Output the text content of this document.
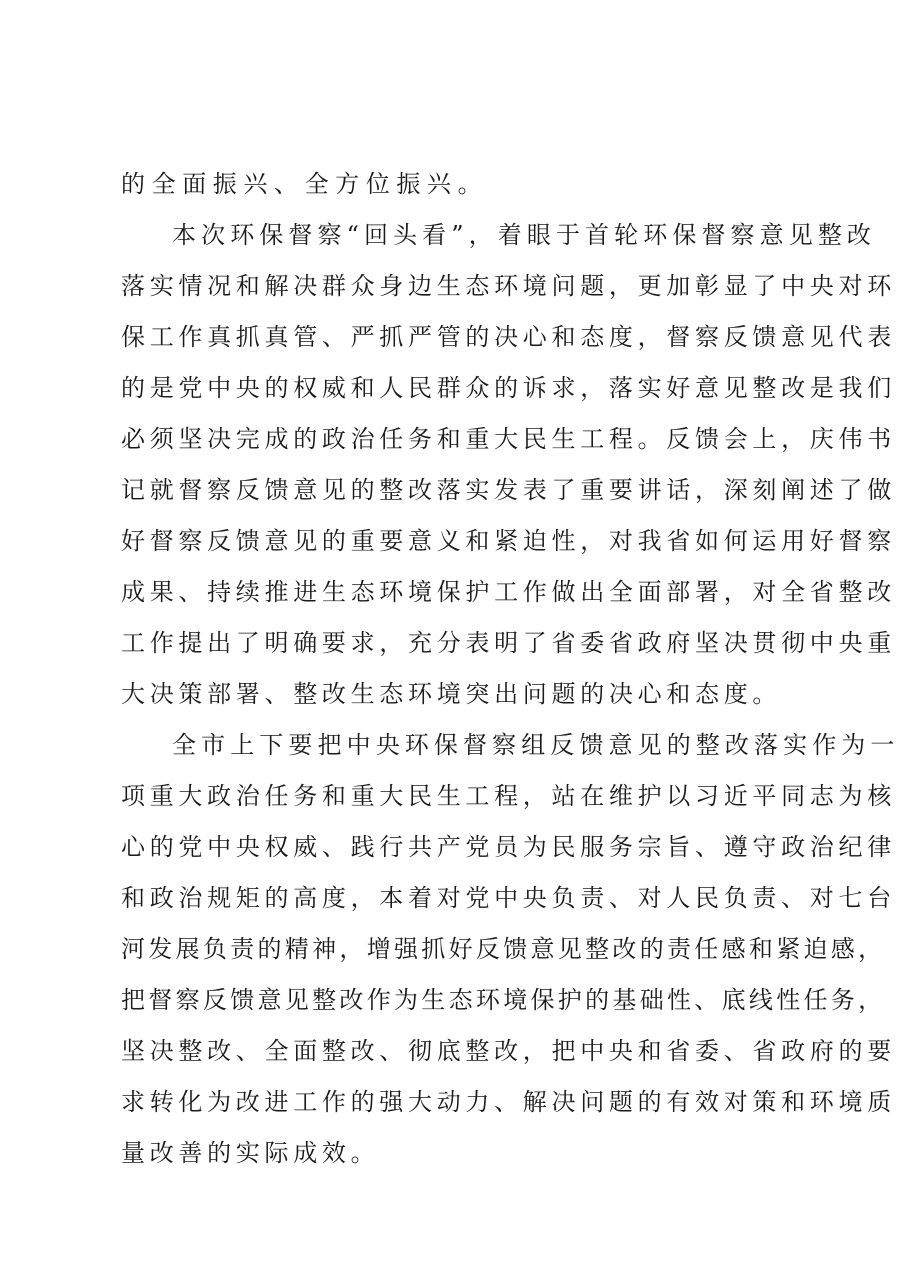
的全面振兴、全方位振兴。
本次环保督察“回头看”，着眼于首轮环保督察意见整改
落实情况和解决群众身边生态环境问题，更加彰显了中央对环
保工作真抓真管、严抓严管的决心和态度，督察反馈意见代表
的是党中央的权威和人民群众的诉求，落实好意见整改是我们
必须坚决完成的政治任务和重大民生工程。反馈会上，庆伟书
记就督察反馈意见的整改落实发表了重要讲话，深刻阐述了做
好督察反馈意见的重要意义和紧迫性，对我省如何运用好督察
成果、持续推进生态环境保护工作做出全面部署，对全省整改
工作提出了明确要求，充分表明了省委省政府坚决贯彻中央重
大决策部署、整改生态环境突出问题的决心和态度。
全市上下要把中央环保督察组反馈意见的整改落实作为一
项重大政治任务和重大民生工程，站在维护以习近平同志为核
心的党中央权威、践行共产党员为民服务宗旨、遵守政治纪律
和政治规矩的高度，本着对党中央负责、对人民负责、对七台
河发展负责的精神，增强抓好反馈意见整改的责任感和紧迫感，
把督察反馈意见整改作为生态环境保护的基础性、底线性任务，
坚决整改、全面整改、彻底整改，把中央和省委、省政府的要
求转化为改进工作的强大动力、解决问题的有效对策和环境质
量改善的实际成效。
